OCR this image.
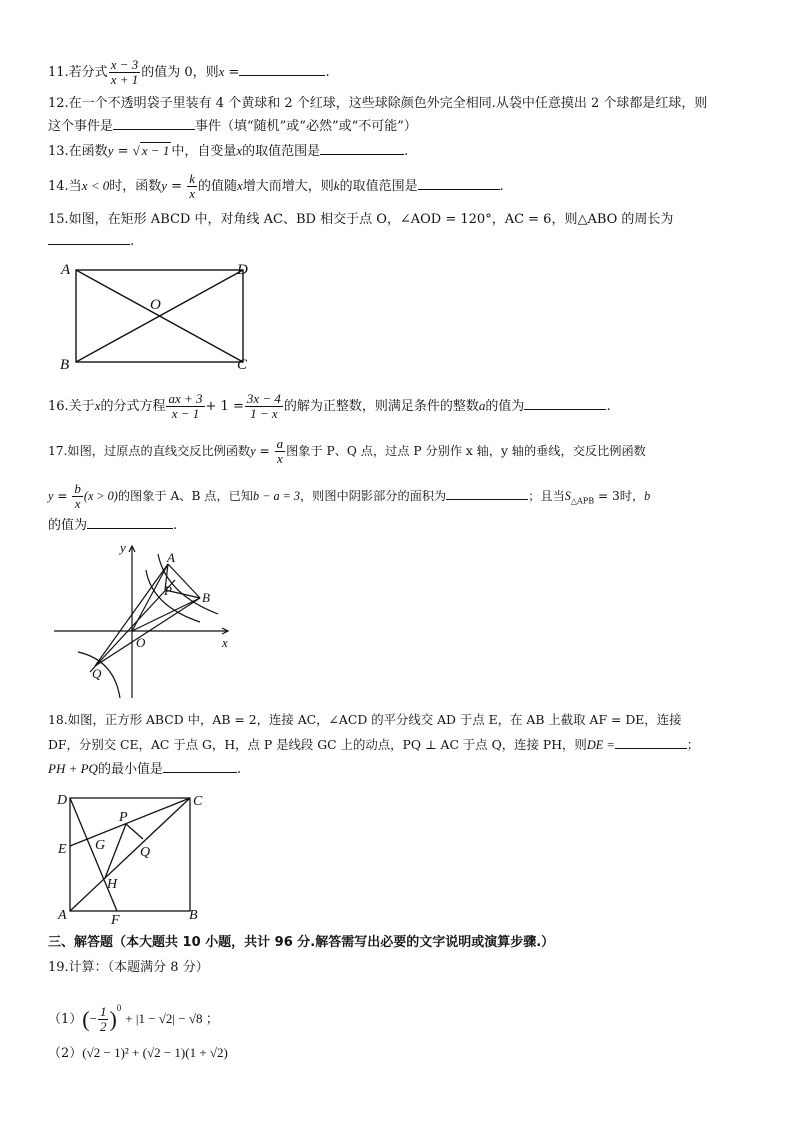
11.若分式 $\frac{x - 3}{x + 1}$ 的值为 0，则x =	.
12.在一个不透明袋子里装有 4 个黄球和 2 个红球，这些球除颜色外完全相同.从袋中任意摸出 2 个球都是红球，则
这个事件是	事件（填“随机”或“必然”或“不可能”）
13.在函数y = √ x − 1 中，自变量x的取值范围是	.
14.当x < 0时，函数$y = \frac{k}{x}$ 的值随x增大而增大，则k的取值范围是	.
15.如图，在矩形 ABCD 中，对角线 AC、BD 相交于点 O，∠AOD = 120°，AC = 6，则△ABO 的周长为
.
A	D
O
B	C
16.关于x的分式方程 $\frac{ax + 3}{x - 1} + 1 = \frac{3x - 4}{1 - x}$ 的解为正整数，则满足条件的整数a的值为	.
17.如图，过原点的直线交反比例函数$y = \frac{a}{x}$ 图象于 P、Q 点，过点 P 分别作 x 轴，y 轴的垂线，交反比例函数
$y = \frac{b}{x} (x > 0)$的图象于 A、B 点，已知b − a = 3，则图中阴影部分的面积为	；且当$S_{\triangle APB} = 3$时，b
的值为	.
y
x
O
A
P B
Q
18.如图，正方形 ABCD 中，AB = 2，连接 AC，∠ACD 的平分线交 AD 于点 E，在 AB 上截取 AF = DE，连接
DF，分别交 CE，AC 于点 G，H，点 P 是线段 GC 上的动点，PQ ⊥ AC 于点 Q，连接 PH，则DE =	；
PH + PQ的最小值是	.
D	C
P
E G Q
H
A	F	B
三、解答题（本大题共 10 小题，共计 96 分.解答需写出必要的文字说明或演算步骤.）
19.计算：（本题满分 8 分）
$(1)(- \frac{1}{2} )^0+ |1 - √2| - √8$ ；
（2）(√2 − 1)² + (√2 − 1)(1 + √2)
